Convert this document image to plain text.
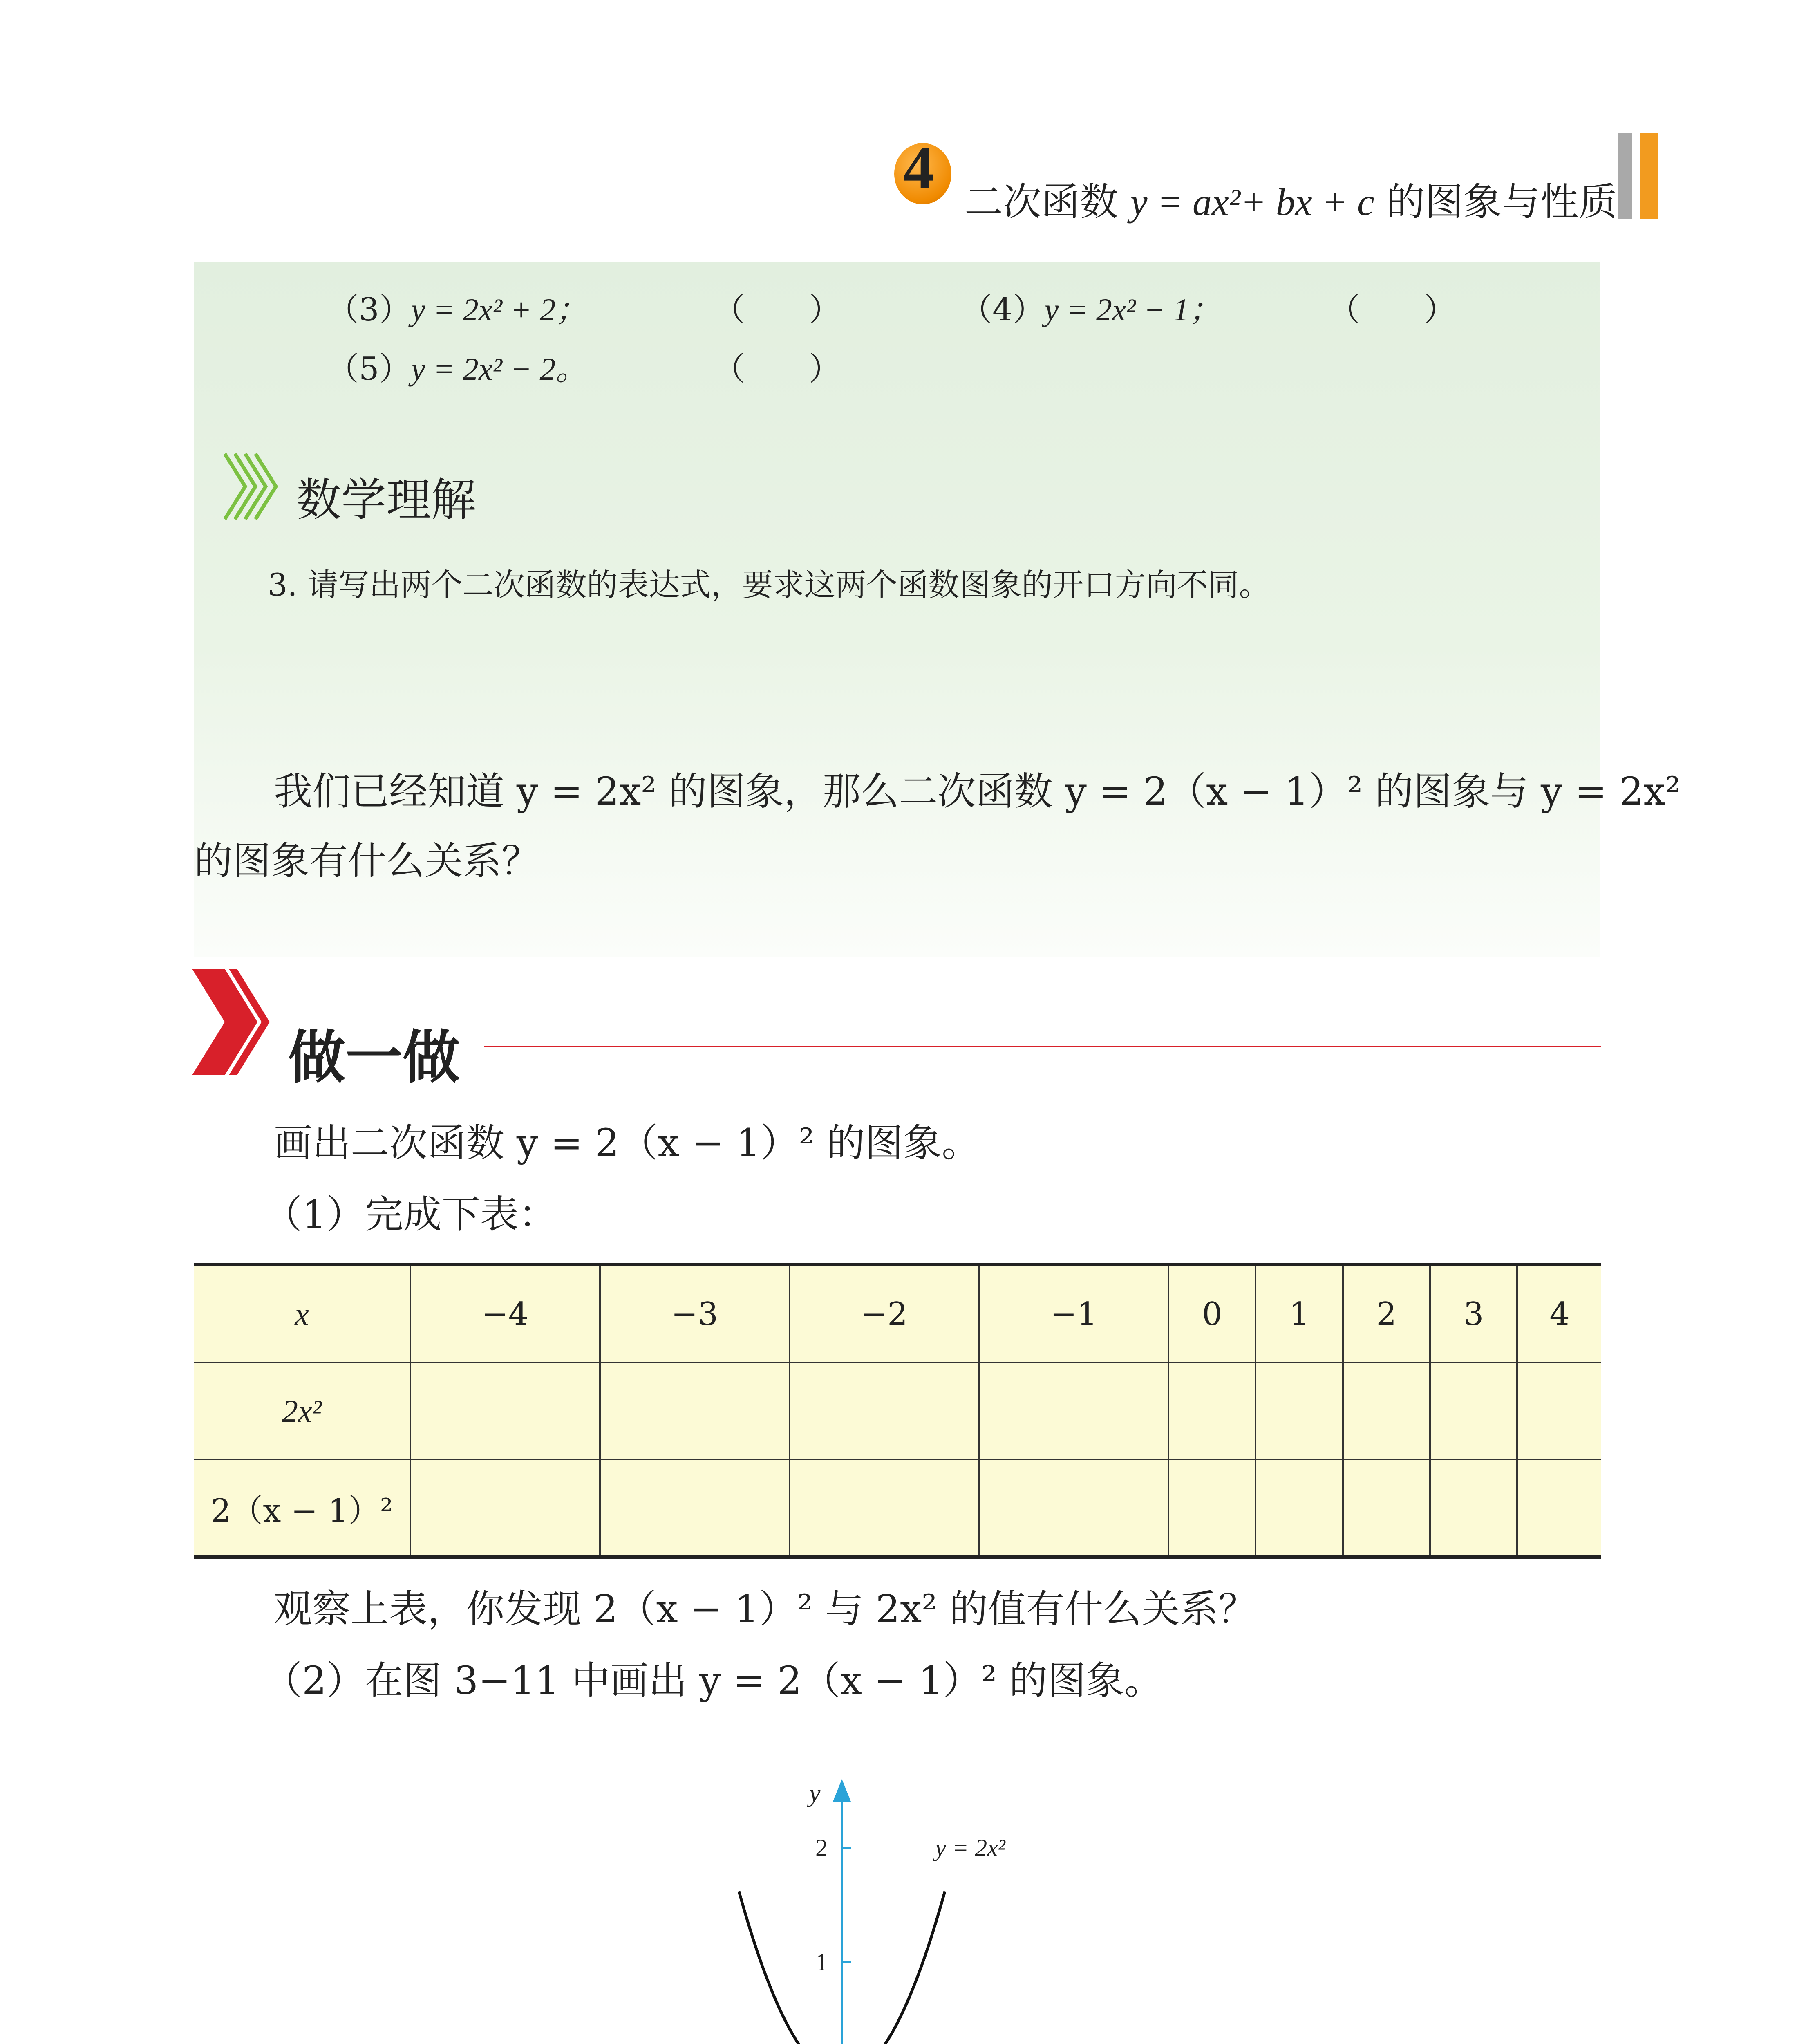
4
二次函数 y = ax²+ bx + c 的图象与性质
（3）y = 2x² + 2；	（　　）	（4）y = 2x² − 1；	（　　）
（5）y = 2x² − 2。	（　　）
数学理解
3. 请写出两个二次函数的表达式，要求这两个函数图象的开口方向不同。
我们已经知道 y = 2x² 的图象，那么二次函数 y = 2（x − 1）² 的图象与 y = 2x²
的图象有什么关系？
做一做
画出二次函数 y = 2（x − 1）² 的图象。
（1）完成下表：
x	−4	−3	−2	−1	0	1	2	3	4
2x²									
2（x − 1）²									
观察上表，你发现 2（x − 1）² 与 2x² 的值有什么关系？
（2）在图 3−11 中画出 y = 2（x − 1）² 的图象。
1
2
y
y = 2x²
